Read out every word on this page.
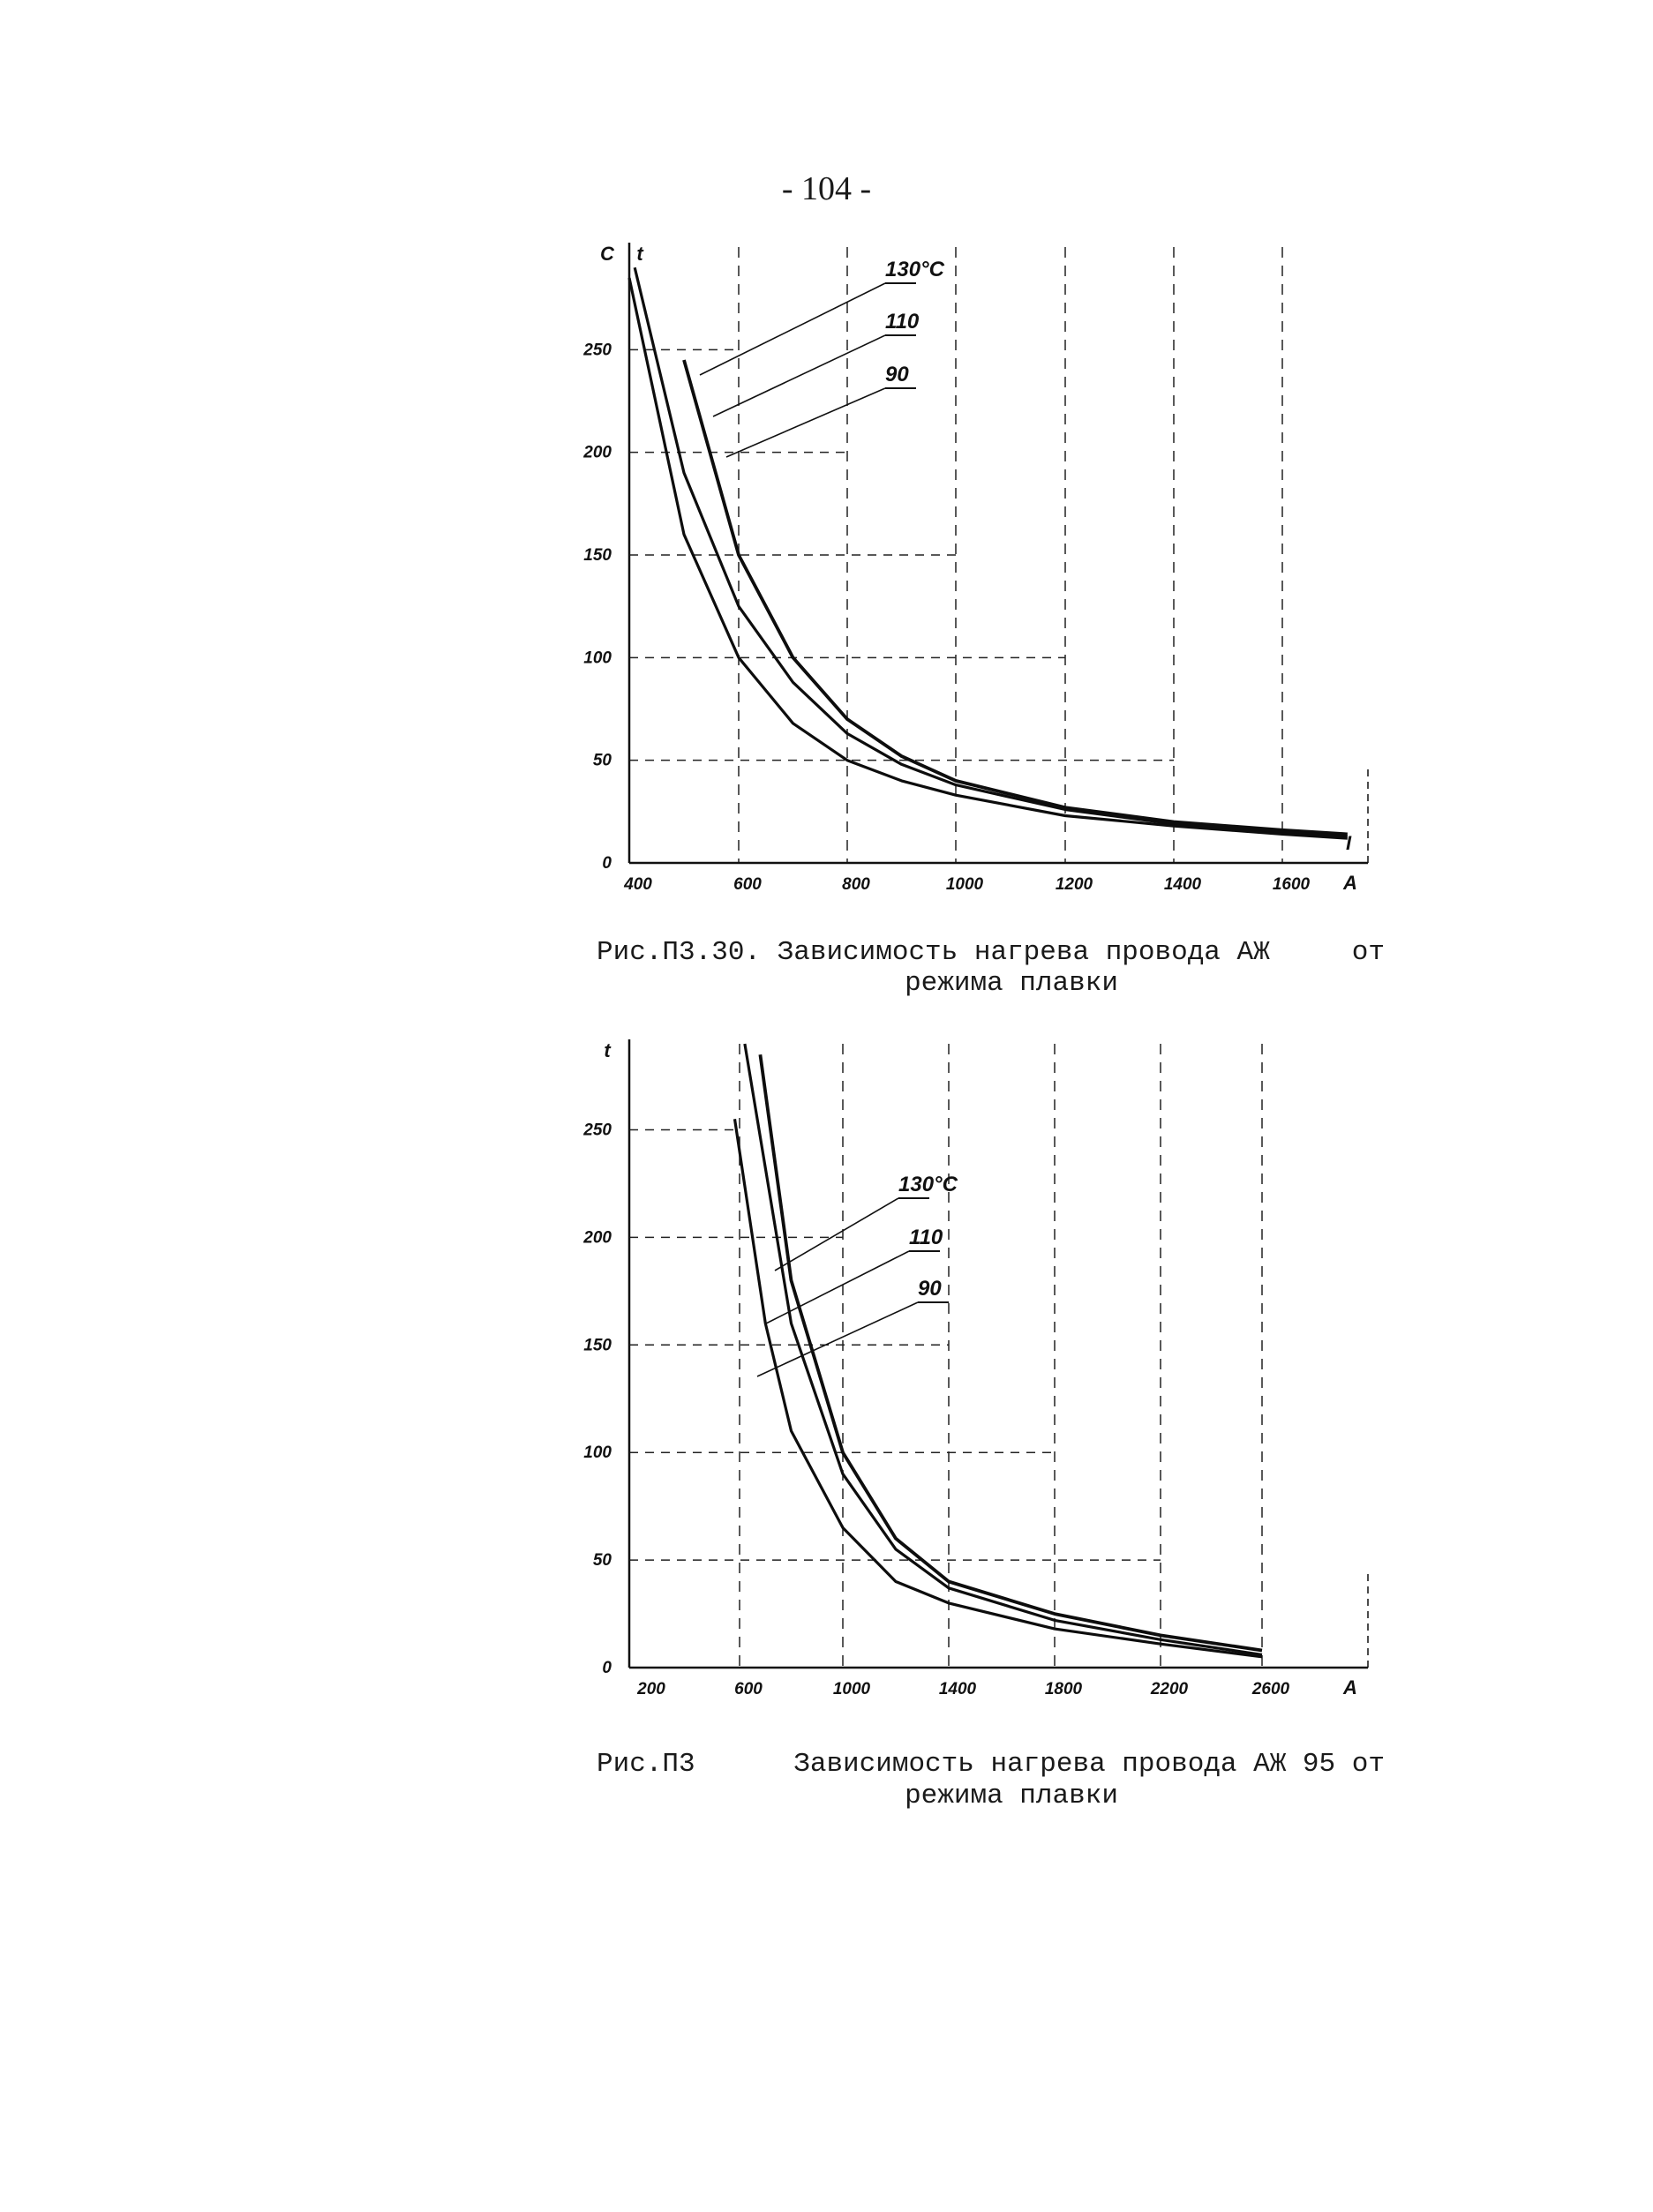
- 104 -
400	600	800	1000	1200	1400	1600
0
50
100
150
200
250
А
С t
I
130°C
110
90
200	600	1000	1400	1800	2200	2600
0
50
100
150
200
250
А
t
130°C
110
90
Рис.П3.30. Зависимость нагрева провода АЖ     от
режима плавки
Рис.П3      Зависимость нагрева провода АЖ 95 от
режима плавки
